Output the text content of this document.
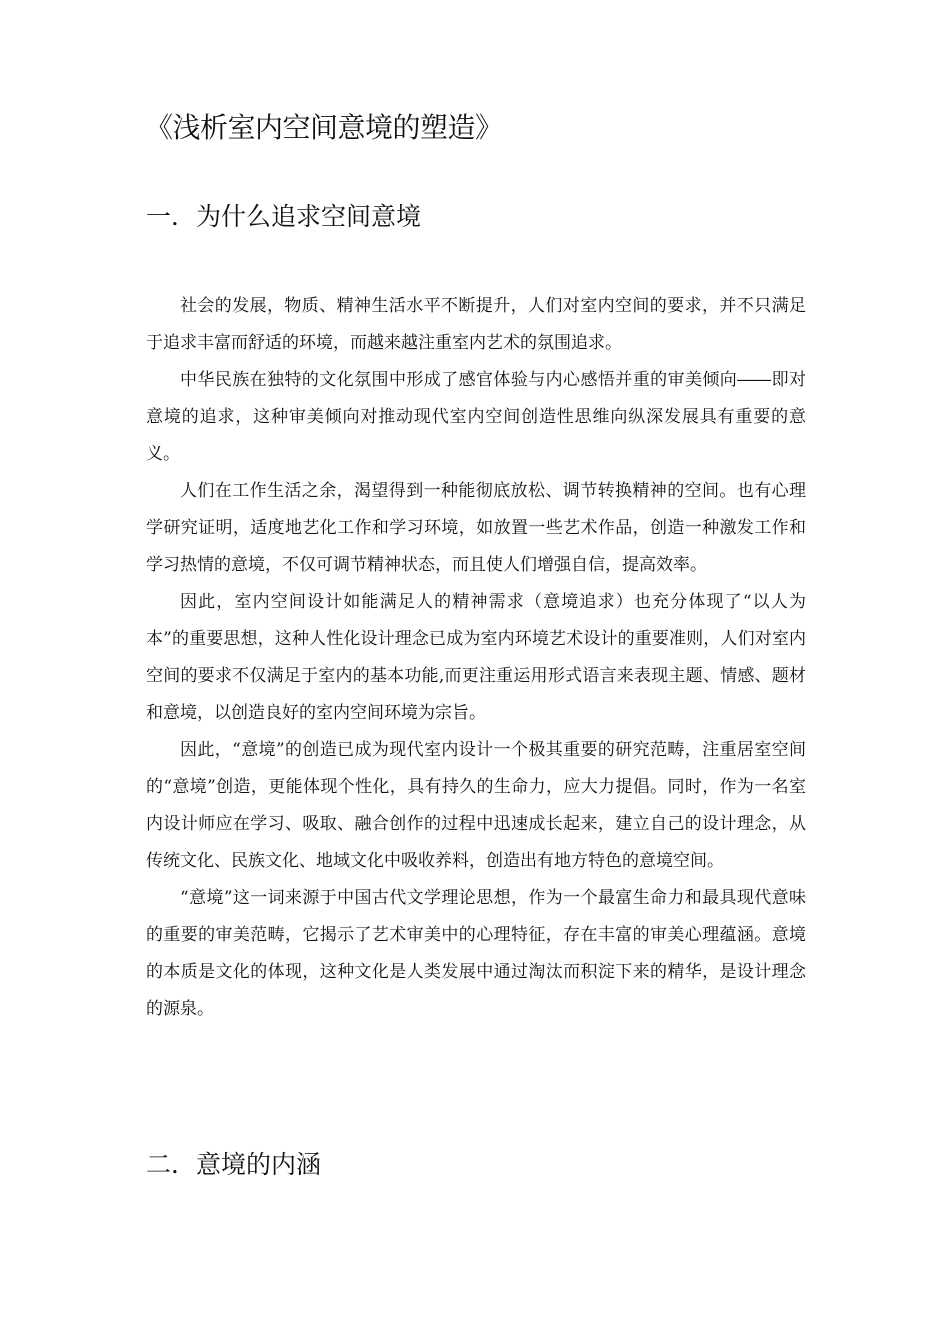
《浅析室内空间意境的塑造》
一．为什么追求空间意境

社会的发展，物质、精神生活水平不断提升，人们对室内空间的要求，并不只满足于追求丰富而舒适的环境，而越来越注重室内艺术的氛围追求。

中华民族在独特的文化氛围中形成了感官体验与内心感悟并重的审美倾向――即对意境的追求，这种审美倾向对推动现代室内空间创造性思维向纵深发展具有重要的意义。

人们在工作生活之余，渴望得到一种能彻底放松、调节转换精神的空间。也有心理学研究证明，适度地艺化工作和学习环境，如放置一些艺术作品，创造一种激发工作和学习热情的意境，不仅可调节精神状态，而且使人们增强自信，提高效率。

因此，室内空间设计如能满足人的精神需求（意境追求）也充分体现了“以人为本”的重要思想，这种人性化设计理念已成为室内环境艺术设计的重要准则，人们对室内空间的要求不仅满足于室内的基本功能,而更注重运用形式语言来表现主题、情感、题材和意境，以创造良好的室内空间环境为宗旨。

因此，“意境”的创造已成为现代室内设计一个极其重要的研究范畴，注重居室空间的“意境”创造，更能体现个性化，具有持久的生命力，应大力提倡。同时，作为一名室内设计师应在学习、吸取、融合创作的过程中迅速成长起来，建立自己的设计理念，从传统文化、民族文化、地域文化中吸收养料，创造出有地方特色的意境空间。

“意境”这一词来源于中国古代文学理论思想，作为一个最富生命力和最具现代意味的重要的审美范畴，它揭示了艺术审美中的心理特征，存在丰富的审美心理蕴涵。意境的本质是文化的体现，这种文化是人类发展中通过淘汰而积淀下来的精华，是设计理念的源泉。

二．意境的内涵
